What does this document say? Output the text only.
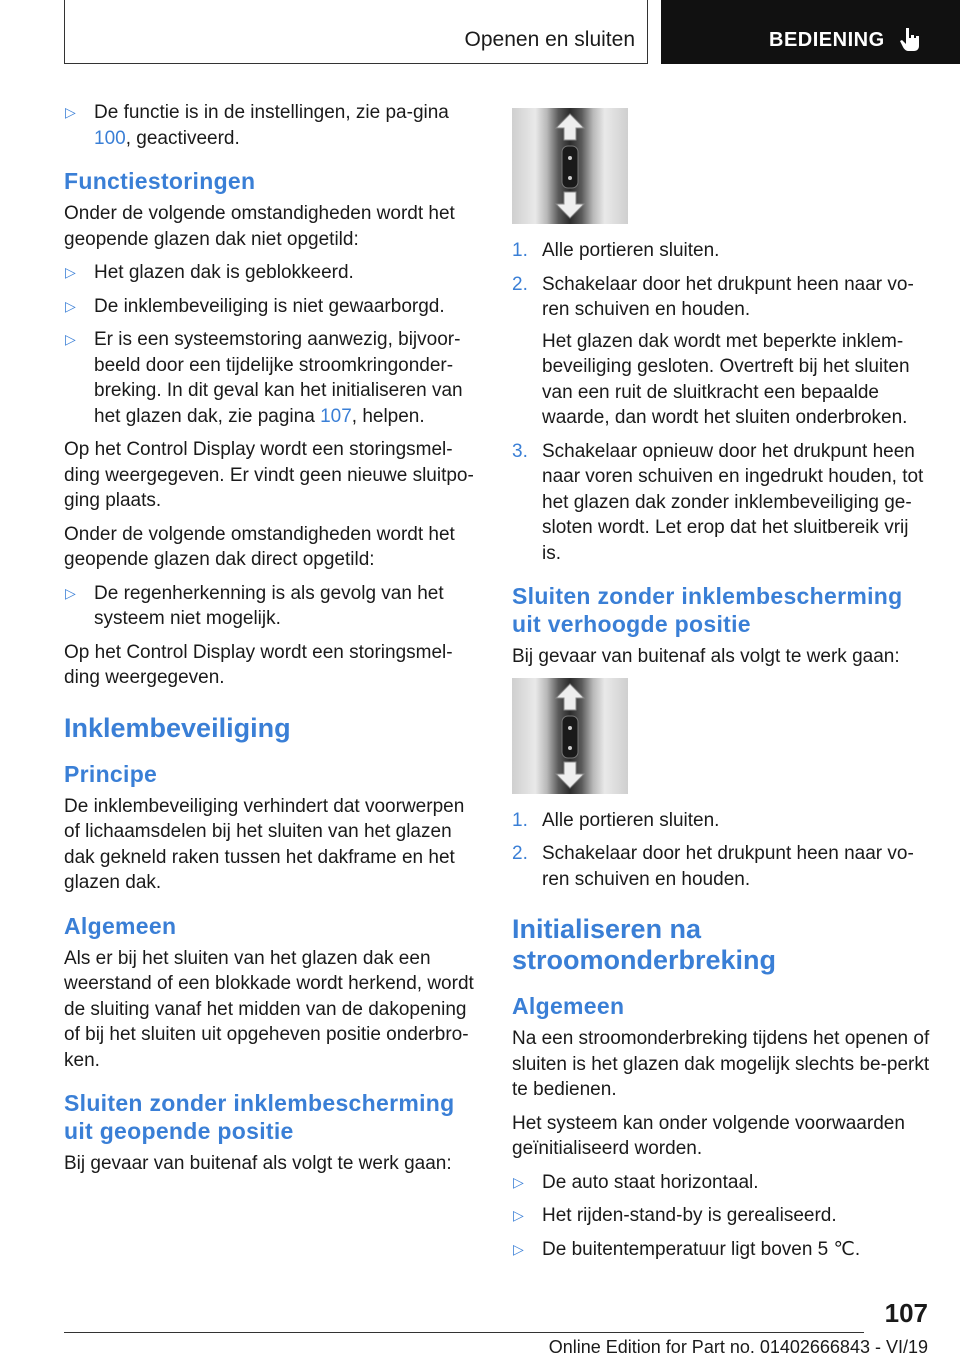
Openen en sluiten	BEDIENING
▷ De functie is in de instellingen, zie pa-gina 100, geactiveerd.
Functiestoringen

Onder de volgende omstandigheden wordt het geopende glazen dak niet opgetild:

▷ Het glazen dak is geblokkeerd.
▷ De inklembeveiliging is niet gewaarborgd.
▷ Er is een systeemstoring aanwezig, bijvoor-beeld door een tijdelijke stroomkringonder-breking. In dit geval kan het initialiseren van het glazen dak, zie pagina 107, helpen.

Op het Control Display wordt een storingsmel-ding weergegeven. Er vindt geen nieuwe sluitpo-ging plaats.

Onder de volgende omstandigheden wordt het geopende glazen dak direct opgetild:

▷ De regenherkenning is als gevolg van het systeem niet mogelijk.

Op het Control Display wordt een storingsmel-ding weergegeven.

Inklembeveiliging
Principe

De inklembeveiliging verhindert dat voorwerpen of lichaamsdelen bij het sluiten van het glazen dak gekneld raken tussen het dakframe en het glazen dak.

Algemeen

Als er bij het sluiten van het glazen dak een weerstand of een blokkade wordt herkend, wordt de sluiting vanaf het midden van de dakopening of bij het sluiten uit opgeheven positie onderbro-ken.

Sluiten zonder inklembescherming uit geopende positie

Bij gevaar van buitenaf als volgt te werk gaan:

1. Alle portieren sluiten.
2. Schakelaar door het drukpunt heen naar vo-ren schuiven en houden.
Het glazen dak wordt met beperkte inklem-beveiliging gesloten. Overtreft bij het sluiten van een ruit de sluitkracht een bepaalde waarde, dan wordt het sluiten onderbroken.
3. Schakelaar opnieuw door het drukpunt heen naar voren schuiven en ingedrukt houden, tot het glazen dak zonder inklembeveiliging ge-sloten wordt. Let erop dat het sluitbereik vrij is.
Sluiten zonder inklembescherming uit verhoogde positie

Bij gevaar van buitenaf als volgt te werk gaan:

1. Alle portieren sluiten.
2. Schakelaar door het drukpunt heen naar vo-ren schuiven en houden.
Initialiseren na stroomonderbreking
Algemeen

Na een stroomonderbreking tijdens het openen of sluiten is het glazen dak mogelijk slechts be-perkt te bedienen.

Het systeem kan onder volgende voorwaarden geïnitialiseerd worden.

▷ De auto staat horizontaal.
▷ Het rijden-stand-by is gerealiseerd.
▷ De buitentemperatuur ligt boven 5 ℃.
107
Online Edition for Part no. 01402666843 - VI/19
